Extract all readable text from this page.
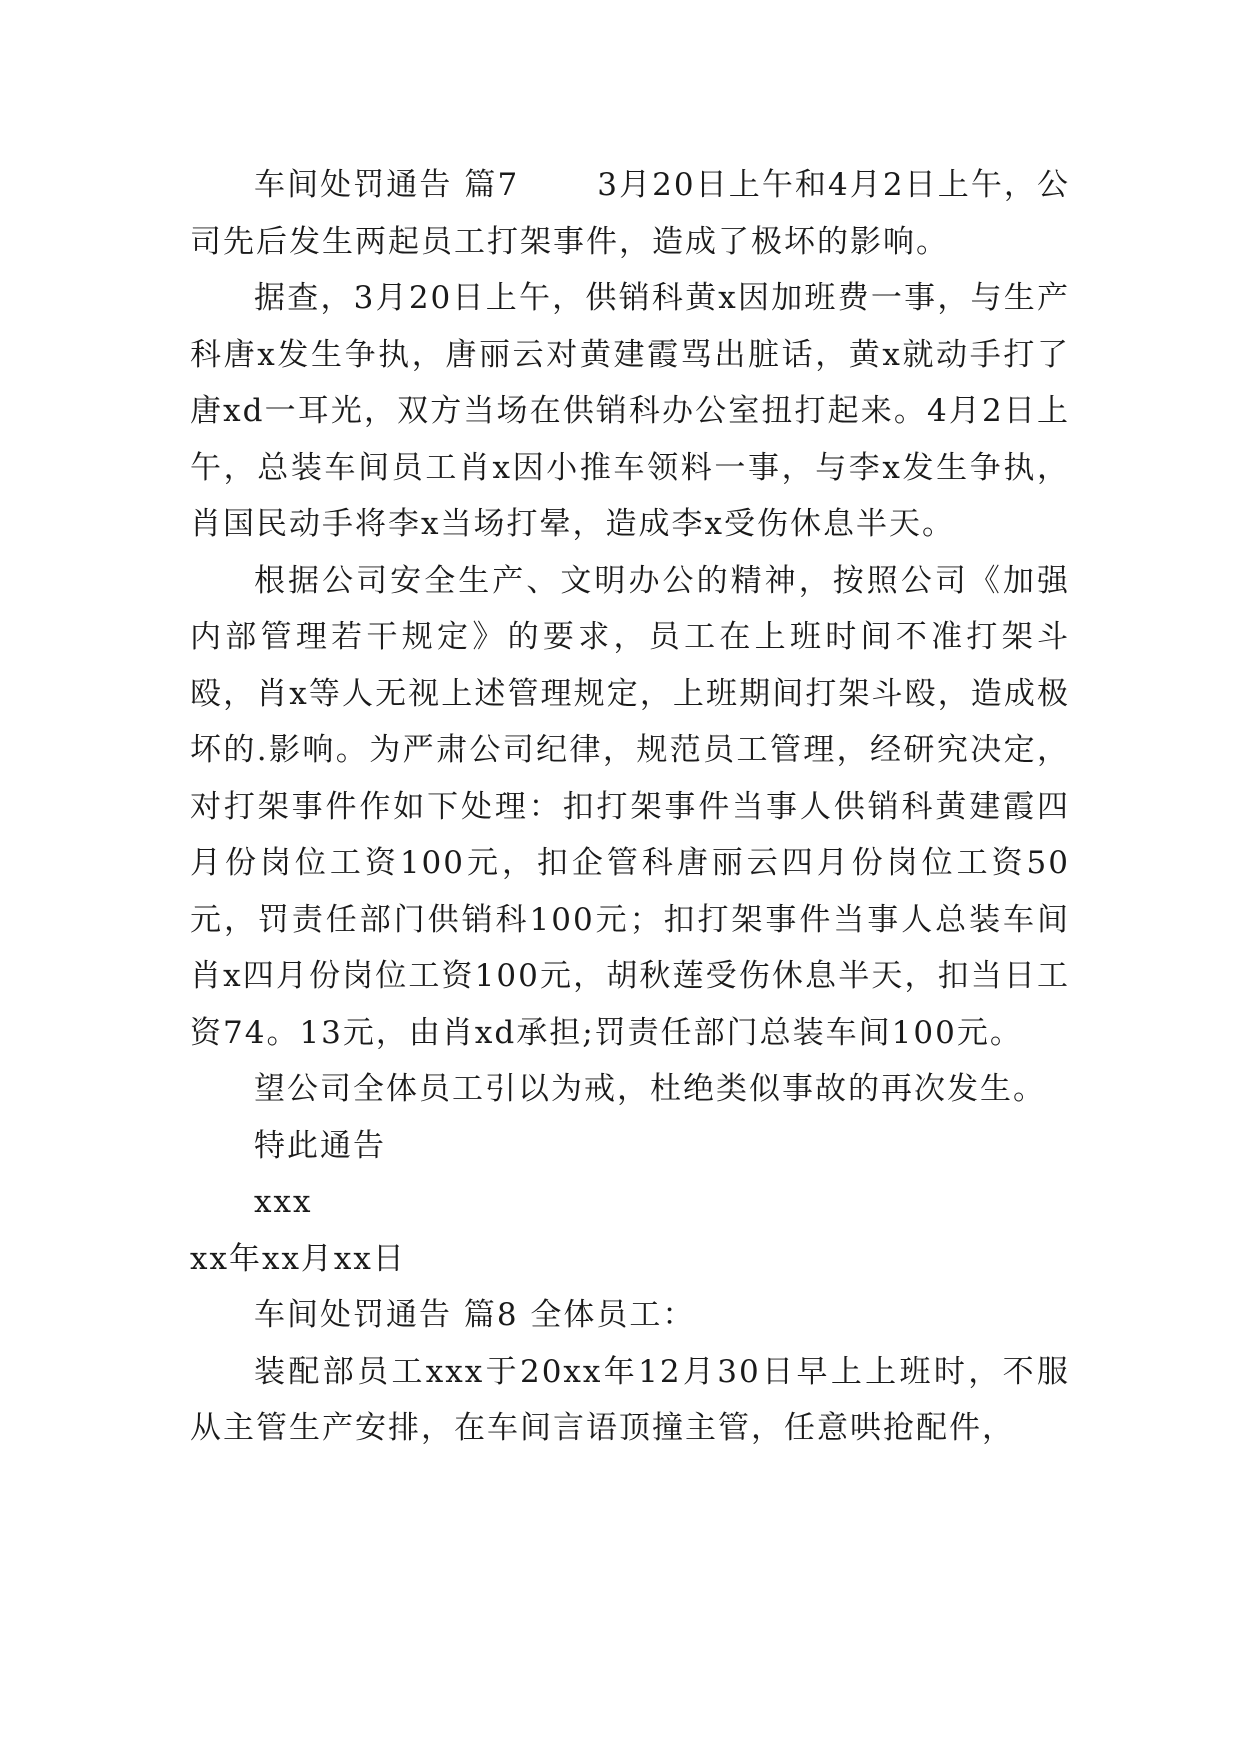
车间处罚通告 篇7 　　3月20日上午和4月2日上午，公司先后发生两起员工打架事件，造成了极坏的影响。

据查，3月20日上午，供销科黄x因加班费一事，与生产科唐x发生争执，唐丽云对黄建霞骂出脏话，黄x就动手打了唐xd一耳光，双方当场在供销科办公室扭打起来。4月2日上午，总装车间员工肖x因小推车领料一事，与李x发生争执，肖国民动手将李x当场打晕，造成李x受伤休息半天。

根据公司安全生产、文明办公的精神，按照公司《加强内部管理若干规定》的要求，员工在上班时间不准打架斗殴，肖x等人无视上述管理规定，上班期间打架斗殴，造成极坏的.影响。为严肃公司纪律，规范员工管理，经研究决定，对打架事件作如下处理：扣打架事件当事人供销科黄建霞四月份岗位工资100元，扣企管科唐丽云四月份岗位工资50元，罚责任部门供销科100元；扣打架事件当事人总装车间肖x四月份岗位工资100元，胡秋莲受伤休息半天，扣当日工资74。13元，由肖xd承担;罚责任部门总装车间100元。

望公司全体员工引以为戒，杜绝类似事故的再次发生。

特此通告

xxx

xx年xx月xx日

车间处罚通告 篇8 全体员工：

装配部员工xxx于20xx年12月30日早上上班时，不服从主管生产安排，在车间言语顶撞主管，任意哄抢配件，
